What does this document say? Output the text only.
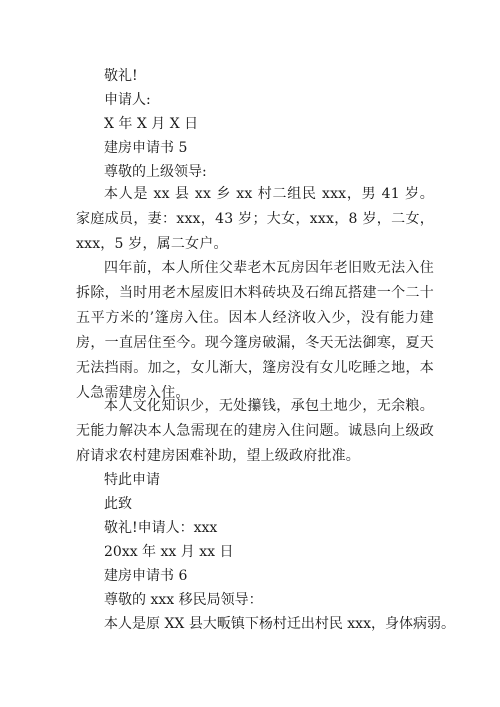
敬礼!
申请人:
X 年 X 月 X 日
建房申请书 5
尊敬的上级领导:
本人是 xx 县 xx 乡 xx 村二组民 xxx，男 41 岁。家庭成员，妻：xxx，43 岁；大女，xxx，8 岁，二女，xxx，5 岁，属二女户。
四年前，本人所住父辈老木瓦房因年老旧败无法入住拆除，当时用老木屋废旧木料砖块及石绵瓦搭建一个二十五平方米的’篷房入住。因本人经济收入少，没有能力建房，一直居住至今。现今篷房破漏，冬天无法御寒，夏天无法挡雨。加之，女儿渐大，篷房没有女儿吃睡之地，本人急需建房入住。
本人文化知识少，无处攥钱，承包土地少，无余粮。无能力解决本人急需现在的建房入住问题。诚恳向上级政府请求农村建房困难补助，望上级政府批准。
特此申请
此致
敬礼!申请人：xxx
20xx 年 xx 月 xx 日
建房申请书 6
尊敬的 xxx 移民局领导：
本人是原 XX 县大畈镇下杨村迁出村民 xxx，身体病弱。
